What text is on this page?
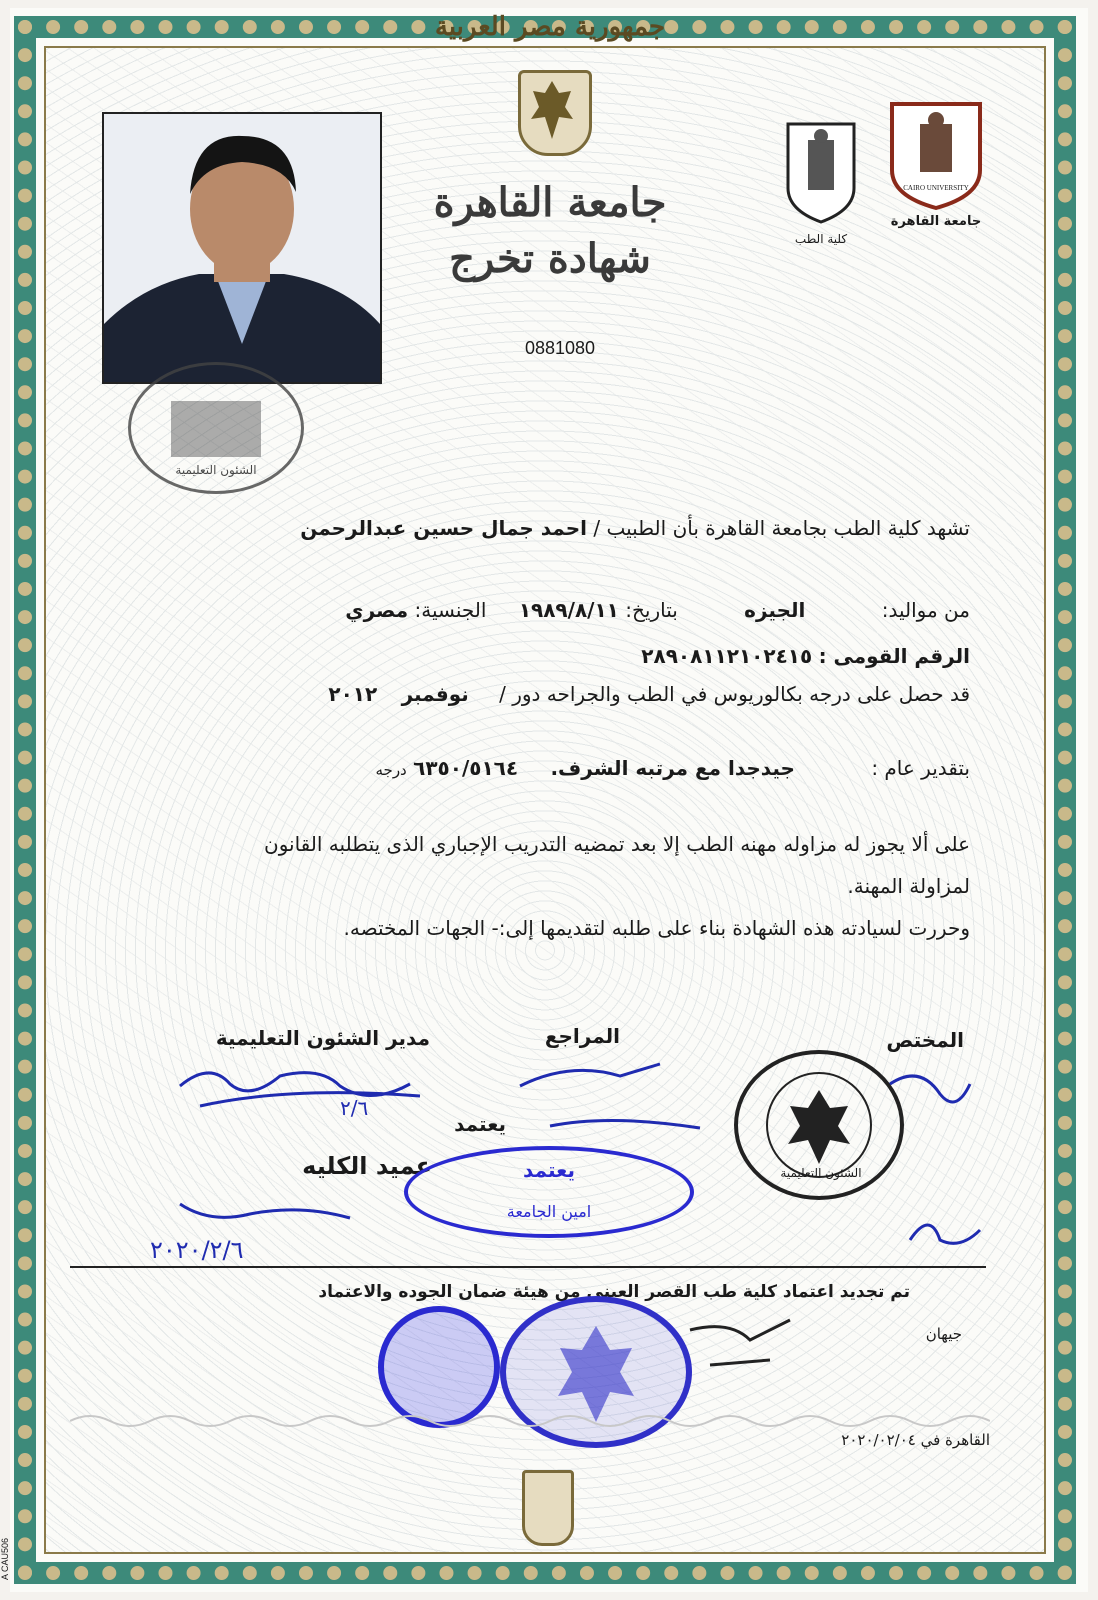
جمهورية مصر العربية
جامعة القاهرة
شهادة تخرج
0881080
كلية الطب
CAIRO UNIVERSITY
جامعة القاهرة
الشئون التعليمية
تشهد كلية الطب بجامعة القاهرة بأن الطبيب / احمد جمال حسين عبدالرحمن
من مواليد: الجيزه بتاريخ: ١٩٨٩/٨/١١ الجنسية: مصري
الرقم القومى : ٢٨٩٠٨١١٢١٠٢٤١٥
قد حصل على درجه بكالوريوس في الطب والجراحه دور / نوفمبر ٢٠١٢
بتقدير عام : جيدجدا مع مرتبه الشرف. ٦٣٥٠/٥١٦٤ درجه
على ألا يجوز له مزاوله مهنه الطب إلا بعد تمضيه التدريب الإجباري الذى يتطلبه القانون
لمزاولة المهنة.
وحررت لسيادته هذه الشهادة بناء على طلبه لتقديمها إلى:- الجهات المختصه.
المختص
المراجع
مدير الشئون التعليمية
يعتمد
عميد الكليه
٢/٦
٢٠٢٠/٢/٦
يعتمد
امين الجامعة
الشئون التعليمية
تم تجديد اعتماد كلية طب القصر العيني من هيئة ضمان الجوده والاعتماد
جيهان
القاهرة في ٢٠٢٠/٠٢/٠٤
A CAU506
